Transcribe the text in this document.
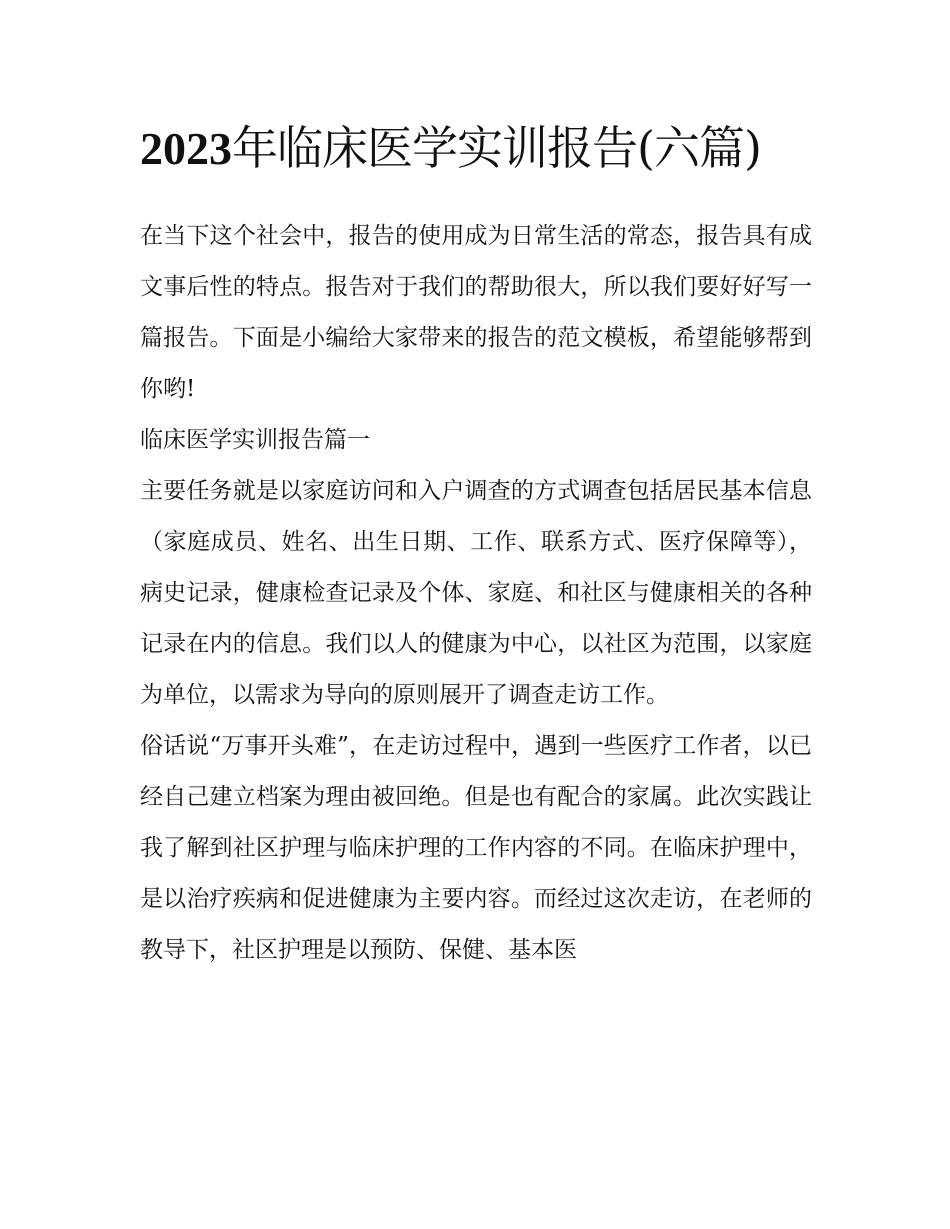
2023年临床医学实训报告(六篇)

在当下这个社会中，报告的使用成为日常生活的常态，报告具有成文事后性的特点。报告对于我们的帮助很大，所以我们要好好写一篇报告。下面是小编给大家带来的报告的范文模板，希望能够帮到你哟!

临床医学实训报告篇一

主要任务就是以家庭访问和入户调查的方式调查包括居民基本信息（家庭成员、姓名、出生日期、工作、联系方式、医疗保障等），病史记录，健康检查记录及个体、家庭、和社区与健康相关的各种记录在内的信息。我们以人的健康为中心，以社区为范围，以家庭为单位，以需求为导向的原则展开了调查走访工作。

俗话说“万事开头难”，在走访过程中，遇到一些医疗工作者，以已经自己建立档案为理由被回绝。但是也有配合的家属。此次实践让我了解到社区护理与临床护理的工作内容的不同。在临床护理中，是以治疗疾病和促进健康为主要内容。而经过这次走访，在老师的教导下，社区护理是以预防、保健、基本医
